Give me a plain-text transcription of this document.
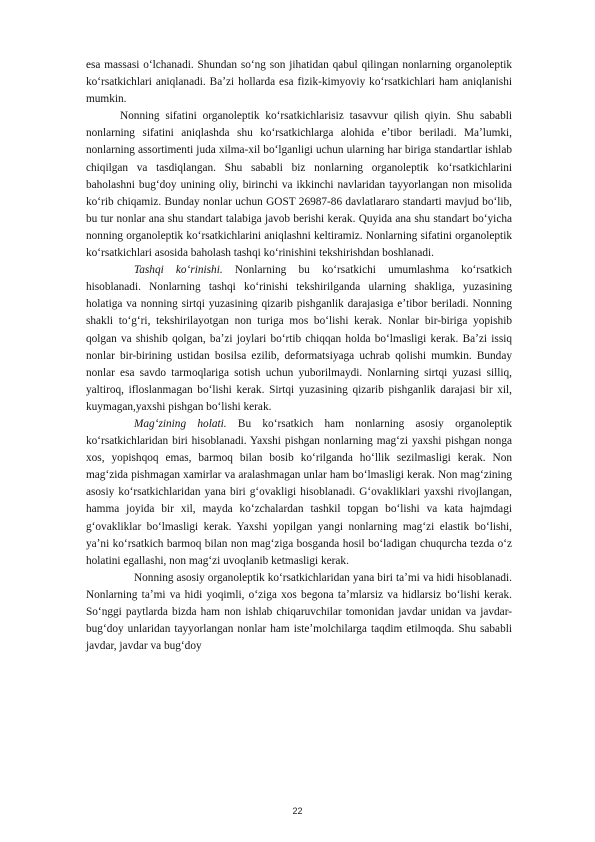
esa massasi oʻlchanadi. Shundan soʻng son jihatidan qabul qilingan nonlarning organoleptik koʻrsatkichlari aniqlanadi. Baʼzi hollarda esa fizik-kimyoviy koʻrsatkichlari ham aniqlanishi mumkin.

Nonning sifatini organoleptik koʻrsatkichlarisiz tasavvur qilish qiyin. Shu sababli nonlarning sifatini aniqlashda shu koʻrsatkichlarga alohida eʼtibor beriladi. Maʼlumki, nonlarning assortimenti juda xilma-xil boʻlganligi uchun ularning har biriga standartlar ishlab chiqilgan va tasdiqlangan. Shu sababli biz nonlarning organoleptik koʻrsatkichlarini baholashni bugʻdoy unining oliy, birinchi va ikkinchi navlaridan tayyorlangan non misolida koʻrib chiqamiz. Bunday nonlar uchun GOST 26987-86 davlatlararo standarti mavjud boʻlib, bu tur nonlar ana shu standart talabiga javob berishi kerak. Quyida ana shu standart boʻyicha nonning organoleptik koʻrsatkichlarini aniqlashni keltiramiz. Nonlarning sifatini organoleptik koʻrsatkichlari asosida baholash tashqi koʻrinishini tekshirishdan boshlanadi.

Tashqi koʻrinishi. Nonlarning bu koʻrsatkichi umumlashma koʻrsatkich hisoblanadi. Nonlarning tashqi koʻrinishi tekshirilganda ularning shakliga, yuzasining holatiga va nonning sirtqi yuzasining qizarib pishganlik darajasiga eʼtibor beriladi. Nonning shakli toʻgʻri, tekshirilayotgan non turiga mos boʻlishi kerak. Nonlar bir-biriga yopishib qolgan va shishib qolgan, baʼzi joylari boʻrtib chiqqan holda boʻlmasligi kerak. Baʼzi issiq nonlar bir-birining ustidan bosilsa ezilib, deformatsiyaga uchrab qolishi mumkin. Bunday nonlar esa savdo tarmoqlariga sotish uchun yuborilmaydi. Nonlarning sirtqi yuzasi silliq, yaltiroq, ifloslanmagan boʻlishi kerak. Sirtqi yuzasining qizarib pishganlik darajasi bir xil, kuymagan,yaxshi pishgan boʻlishi kerak.

Magʻzining holati. Bu koʻrsatkich ham nonlarning asosiy organoleptik koʻrsatkichlaridan biri hisoblanadi. Yaxshi pishgan nonlarning magʻzi yaxshi pishgan nonga xos, yopishqoq emas, barmoq bilan bosib koʻrilganda hoʻllik sezilmasligi kerak. Non magʻzida pishmagan xamirlar va aralashmagan unlar ham boʻlmasligi kerak. Non magʻzining asosiy koʻrsatkichlaridan yana biri gʻovakligi hisoblanadi. Gʻovakliklari yaxshi rivojlangan, hamma joyida bir xil, mayda koʻzchalardan tashkil topgan boʻlishi va kata hajmdagi gʻovakliklar boʻlmasligi kerak. Yaxshi yopilgan yangi nonlarning magʻzi elastik boʻlishi, yaʼni koʻrsatkich barmoq bilan non magʻziga bosganda hosil boʻladigan chuqurcha tezda oʻz holatini egallashi, non magʻzi uvoqlanib ketmasligi kerak.

Nonning asosiy organoleptik koʻrsatkichlaridan yana biri taʼmi va hidi hisoblanadi. Nonlarning taʼmi va hidi yoqimli, oʻziga xos begona taʼmlarsiz va hidlarsiz boʻlishi kerak. Soʻnggi paytlarda bizda ham non ishlab chiqaruvchilar tomonidan javdar unidan va javdar-bugʻdoy unlaridan tayyorlangan nonlar ham isteʼmolchilarga taqdim etilmoqda. Shu sababli javdar, javdar va bugʻdoy

22
